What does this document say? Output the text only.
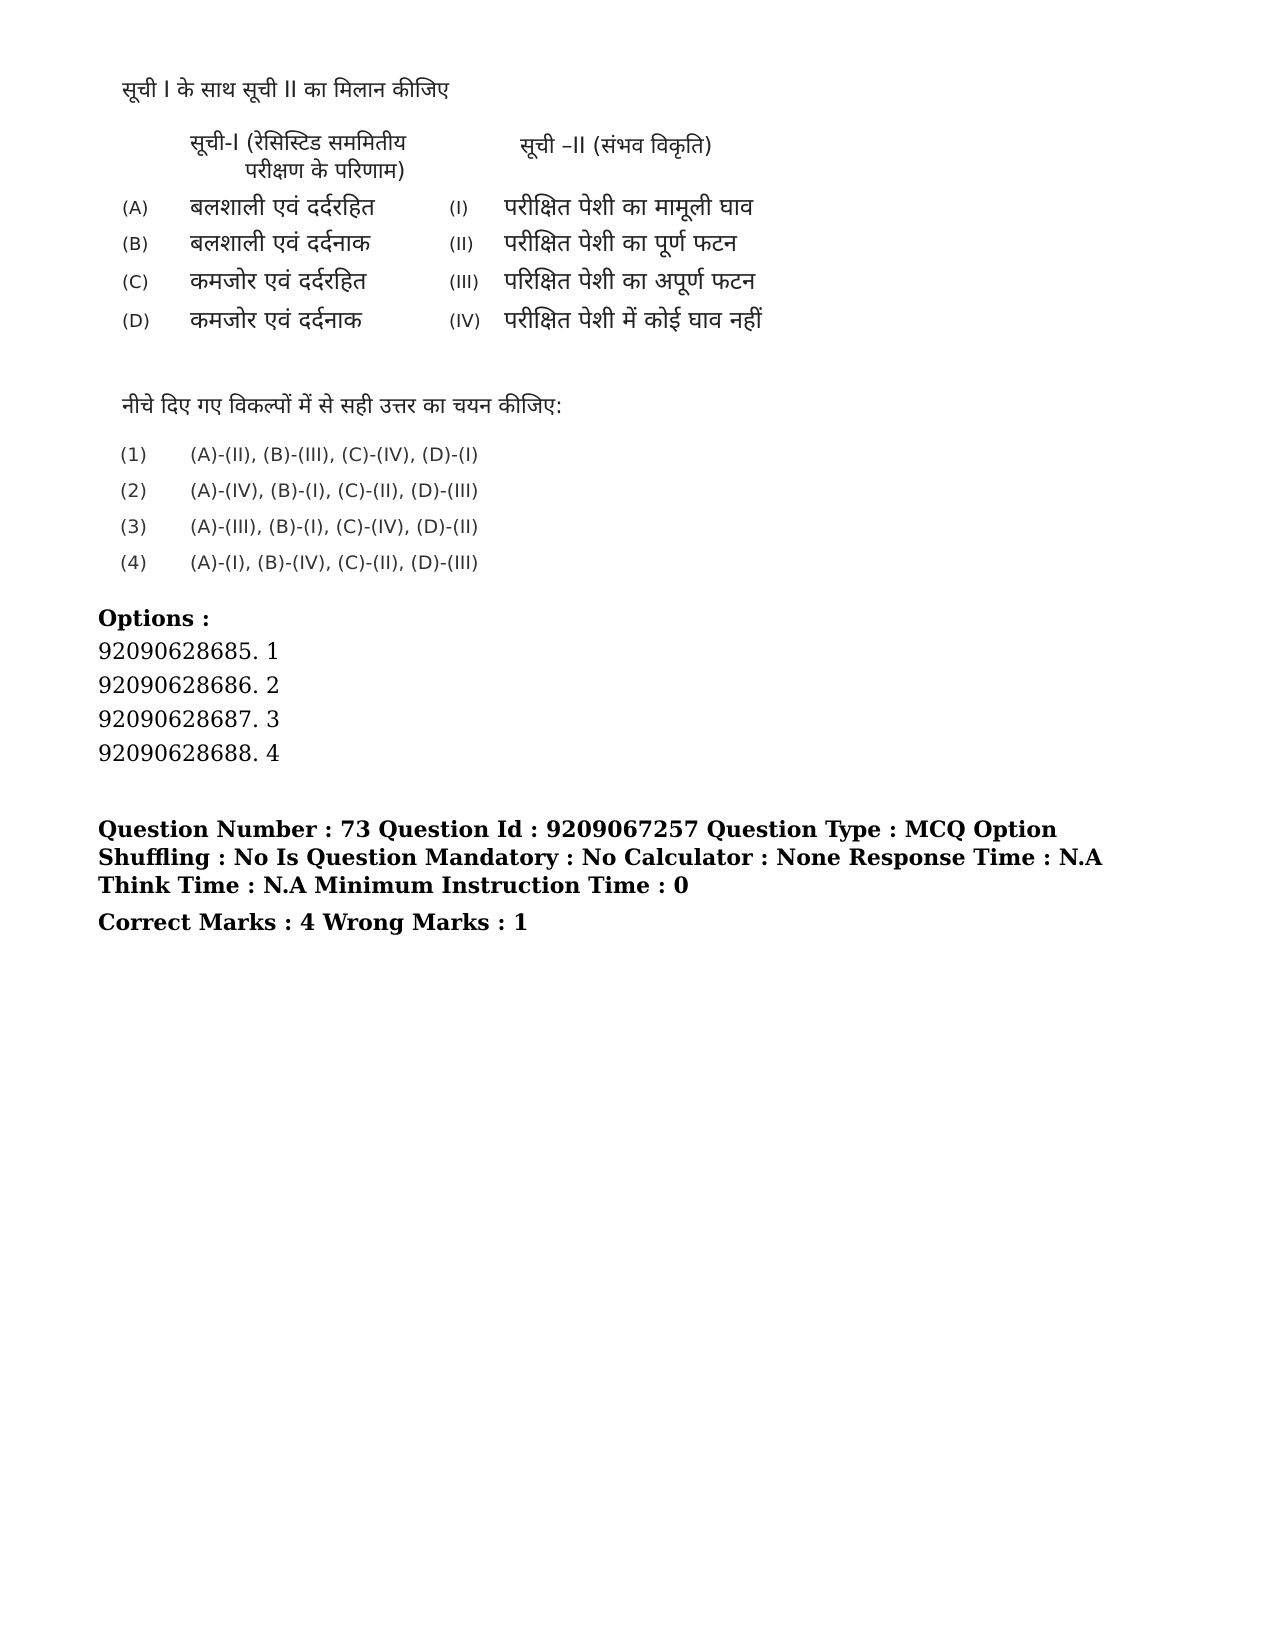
सूची I के साथ सूची II का मिलान कीजिए
सूची-I (रेसिस्टिड सममितीय
परीक्षण के परिणाम)
सूची –II (संभव विकृति)
(A) बलशाली एवं दर्दरहित	(I) परीक्षित पेशी का मामूली घाव
(B) बलशाली एवं दर्दनाक	(II) परीक्षित पेशी का पूर्ण फटन
(C) कमजोर एवं दर्दरहित	(III) परिक्षित पेशी का अपूर्ण फटन
(D) कमजोर एवं दर्दनाक	(IV) परीक्षित पेशी में कोई घाव नहीं
नीचे दिए गए विकल्पों में से सही उत्तर का चयन कीजिए:
(1) (A)-(II), (B)-(III), (C)-(IV), (D)-(I)
(2) (A)-(IV), (B)-(I), (C)-(II), (D)-(III)
(3) (A)-(III), (B)-(I), (C)-(IV), (D)-(II)
(4) (A)-(I), (B)-(IV), (C)-(II), (D)-(III)
Options :
92090628685. 1
92090628686. 2
92090628687. 3
92090628688. 4
Question Number : 73 Question Id : 9209067257 Question Type : MCQ Option Shuffling : No Is Question Mandatory : No Calculator : None Response Time : N.A Think Time : N.A Minimum Instruction Time : 0
Correct Marks : 4 Wrong Marks : 1
